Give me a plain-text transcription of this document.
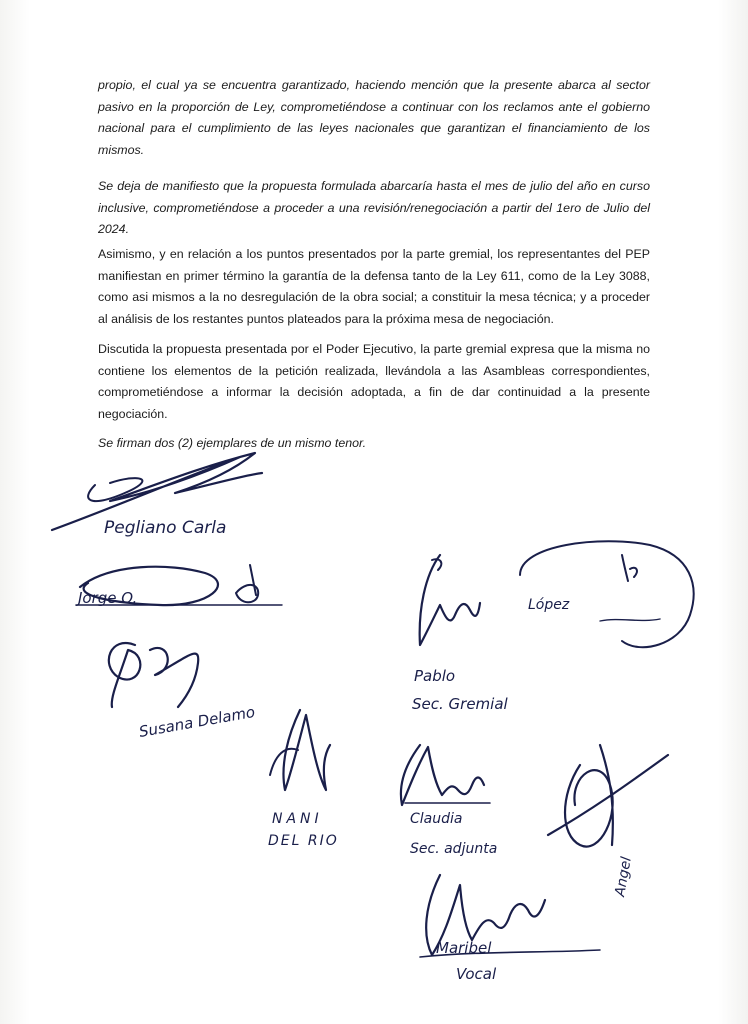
propio, el cual ya se encuentra garantizado, haciendo mención que la presente abarca al sector pasivo en la proporción de Ley, comprometiéndose a continuar con los reclamos ante el gobierno nacional para el cumplimiento de las leyes nacionales que garantizan el financiamiento de los mismos.

Se deja de manifiesto que la propuesta formulada abarcaría hasta el mes de julio del año en curso inclusive, comprometiéndose a proceder a una revisión/renegociación a partir del 1ero de Julio del 2024.

Asimismo, y en relación a los puntos presentados por la parte gremial, los representantes del PEP manifiestan en primer término la garantía de la defensa tanto de la Ley 611, como de la Ley 3088, como asi mismos a la no desregulación de la obra social; a constituir la mesa técnica; y a proceder al análisis de los restantes puntos plateados para la próxima mesa de negociación.

Discutida la propuesta presentada por el Poder Ejecutivo, la parte gremial expresa que la misma no contiene los elementos de la petición realizada, llevándola a las Asambleas correspondientes, comprometiéndose a informar la decisión adoptada, a fin de dar continuidad a la presente negociación.

Se firman dos (2) ejemplares de un mismo tenor.

Pegliano Carla
Jorge O.
Susana Delamo
NANI
DEL RIO
Pablo
Sec. Gremial
López
Claudia
Sec. adjunta
Angel
Maribel
Vocal
